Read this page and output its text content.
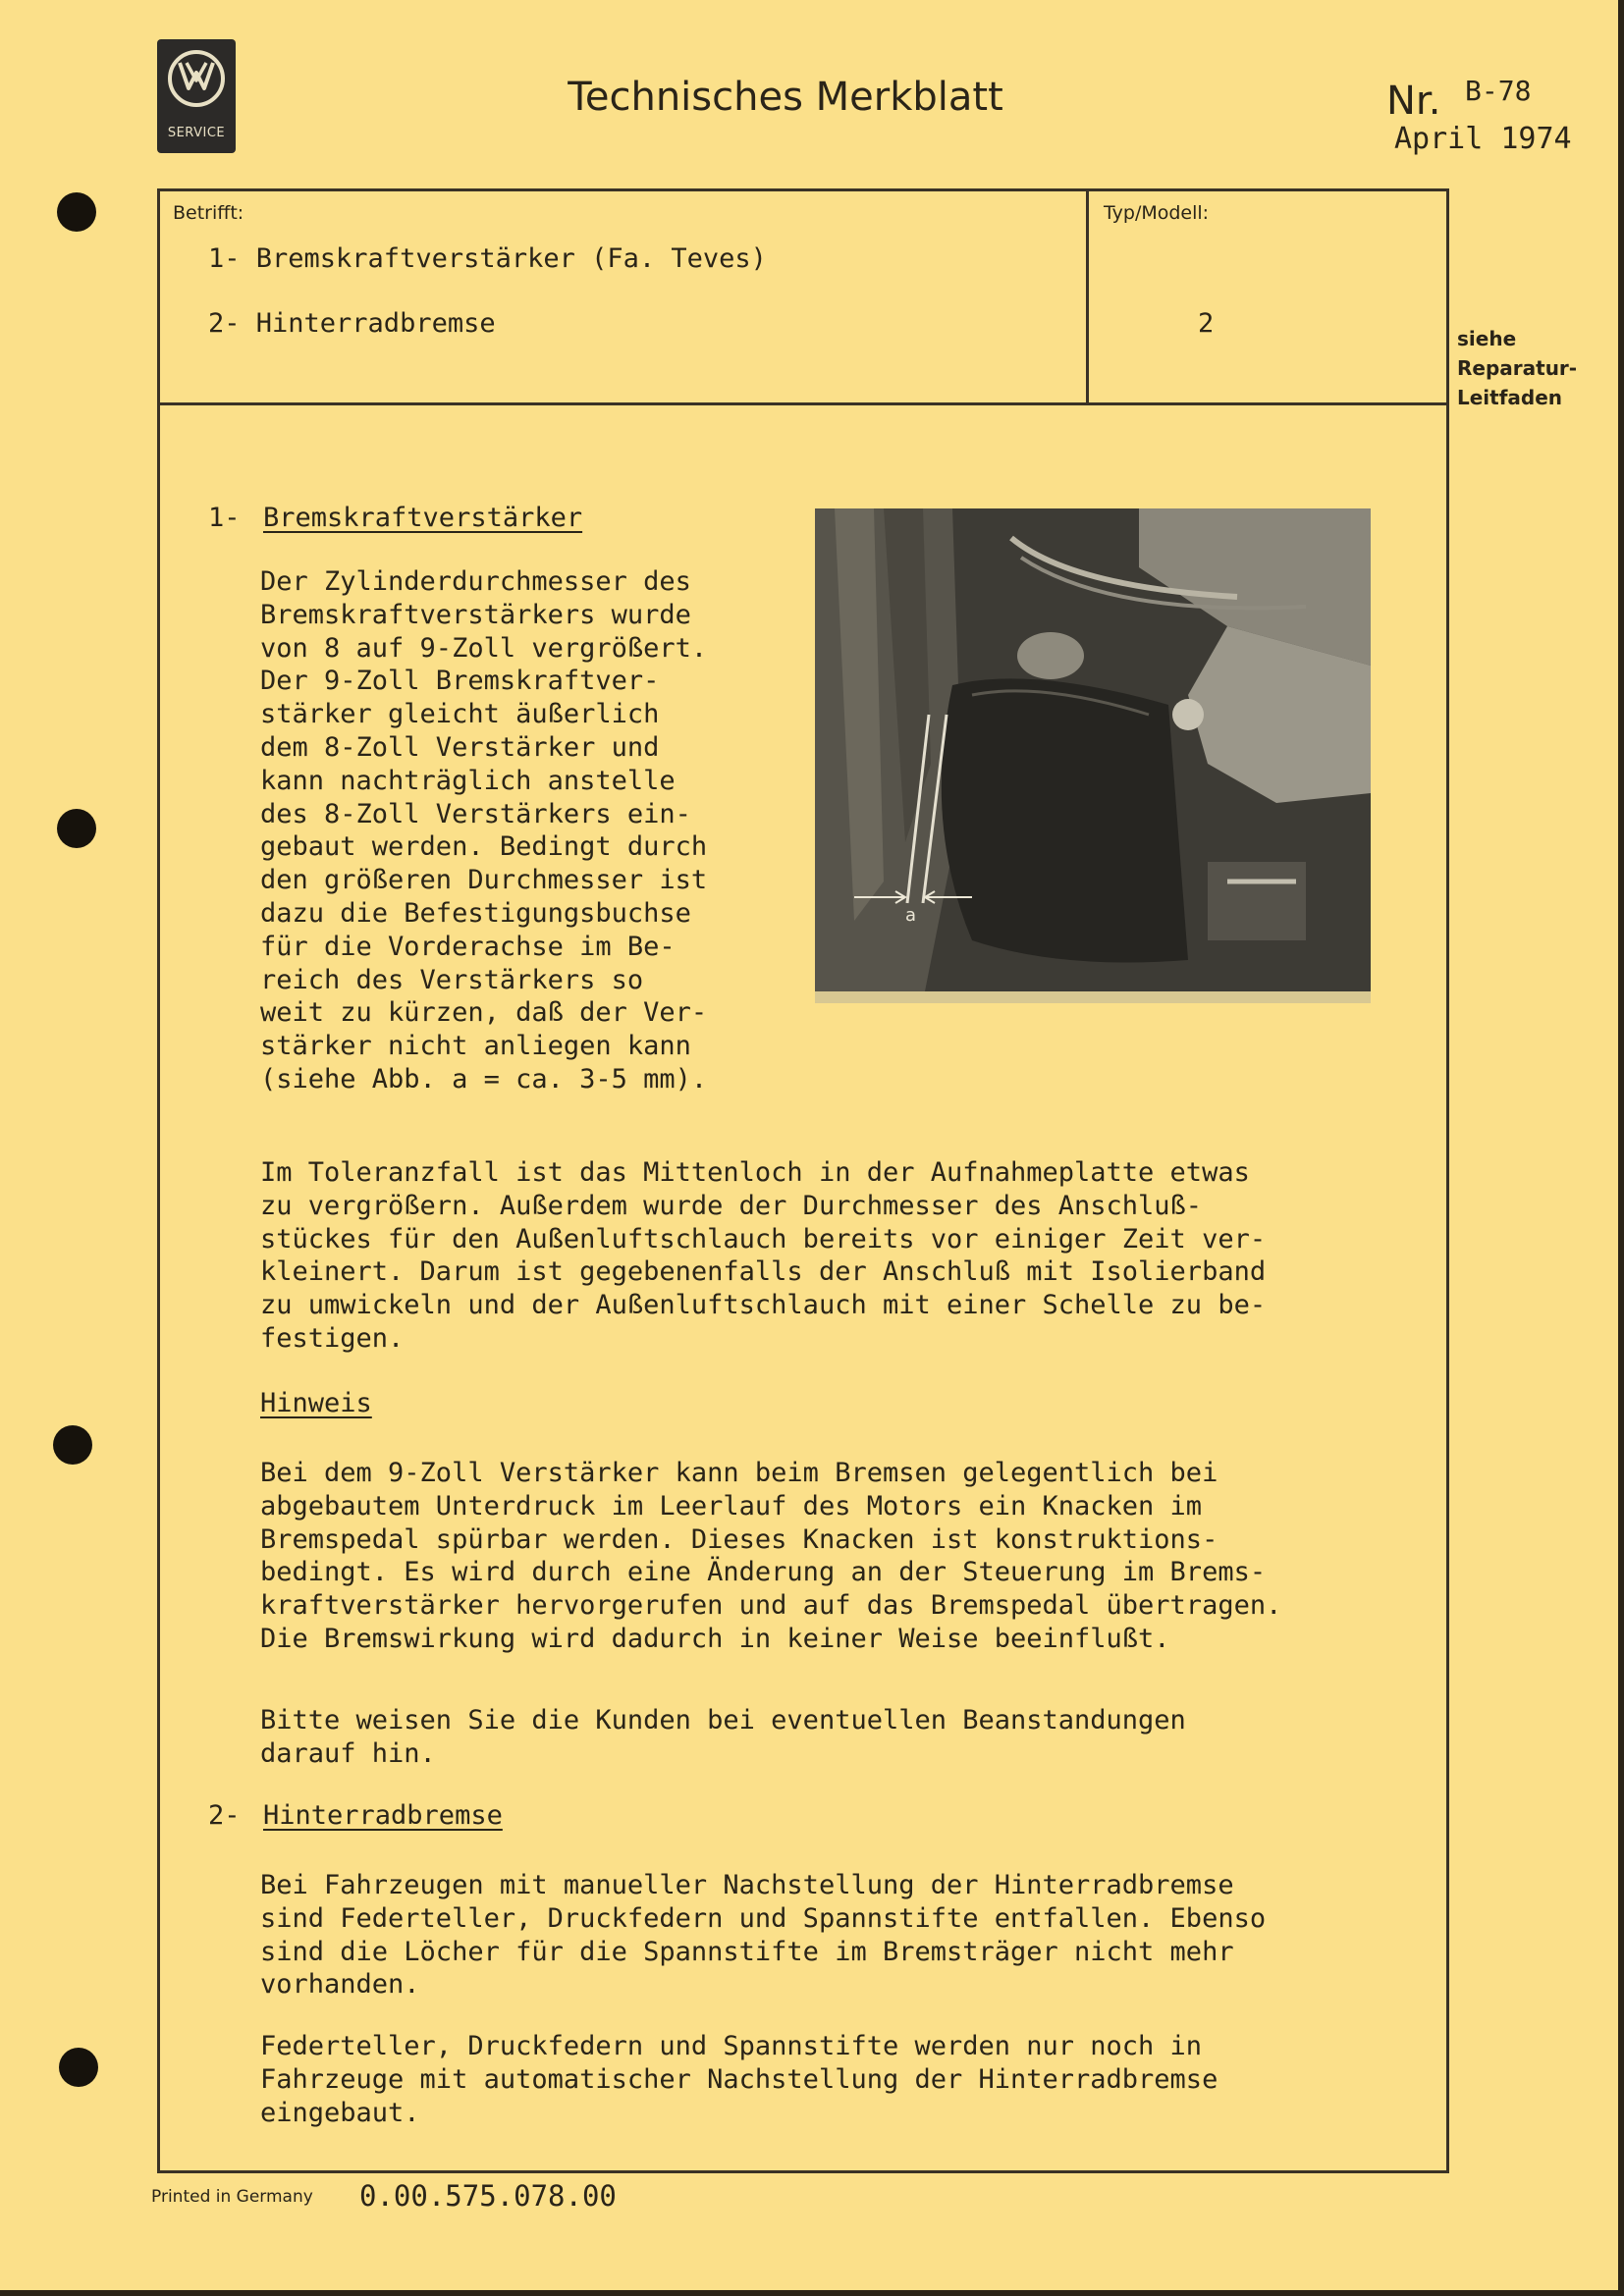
SERVICE
Technisches Merkblatt	Nr. B-78
April 1974
Betrifft:
1- Bremskraftverstärker (Fa. Teves)
2- Hinterradbremse
Typ/Modell:
2	siehe
Reparatur-
Leitfaden
1- Bremskraftverstärker
Der Zylinderdurchmesser des
Bremskraftverstärkers wurde
von 8 auf 9-Zoll vergrößert.
Der 9-Zoll Bremskraftver-
stärker gleicht äußerlich
dem 8-Zoll Verstärker und
kann nachträglich anstelle
des 8-Zoll Verstärkers ein-
gebaut werden. Bedingt durch
den größeren Durchmesser ist
dazu die Befestigungsbuchse
für die Vorderachse im Be-
reich des Verstärkers so
weit zu kürzen, daß der Ver-
stärker nicht anliegen kann
(siehe Abb. a = ca. 3-5 mm).
a
Im Toleranzfall ist das Mittenloch in der Aufnahmeplatte etwas
zu vergrößern. Außerdem wurde der Durchmesser des Anschluß-
stückes für den Außenluftschlauch bereits vor einiger Zeit ver-
kleinert. Darum ist gegebenenfalls der Anschluß mit Isolierband
zu umwickeln und der Außenluftschlauch mit einer Schelle zu be-
festigen.
Hinweis
Bei dem 9-Zoll Verstärker kann beim Bremsen gelegentlich bei
abgebautem Unterdruck im Leerlauf des Motors ein Knacken im
Bremspedal spürbar werden. Dieses Knacken ist konstruktions-
bedingt. Es wird durch eine Änderung an der Steuerung im Brems-
kraftverstärker hervorgerufen und auf das Bremspedal übertragen.
Die Bremswirkung wird dadurch in keiner Weise beeinflußt.
Bitte weisen Sie die Kunden bei eventuellen Beanstandungen
darauf hin.
2- Hinterradbremse
Bei Fahrzeugen mit manueller Nachstellung der Hinterradbremse
sind Federteller, Druckfedern und Spannstifte entfallen. Ebenso
sind die Löcher für die Spannstifte im Bremsträger nicht mehr
vorhanden.
Federteller, Druckfedern und Spannstifte werden nur noch in
Fahrzeuge mit automatischer Nachstellung der Hinterradbremse
eingebaut.
Printed in Germany 0.00.575.078.00
